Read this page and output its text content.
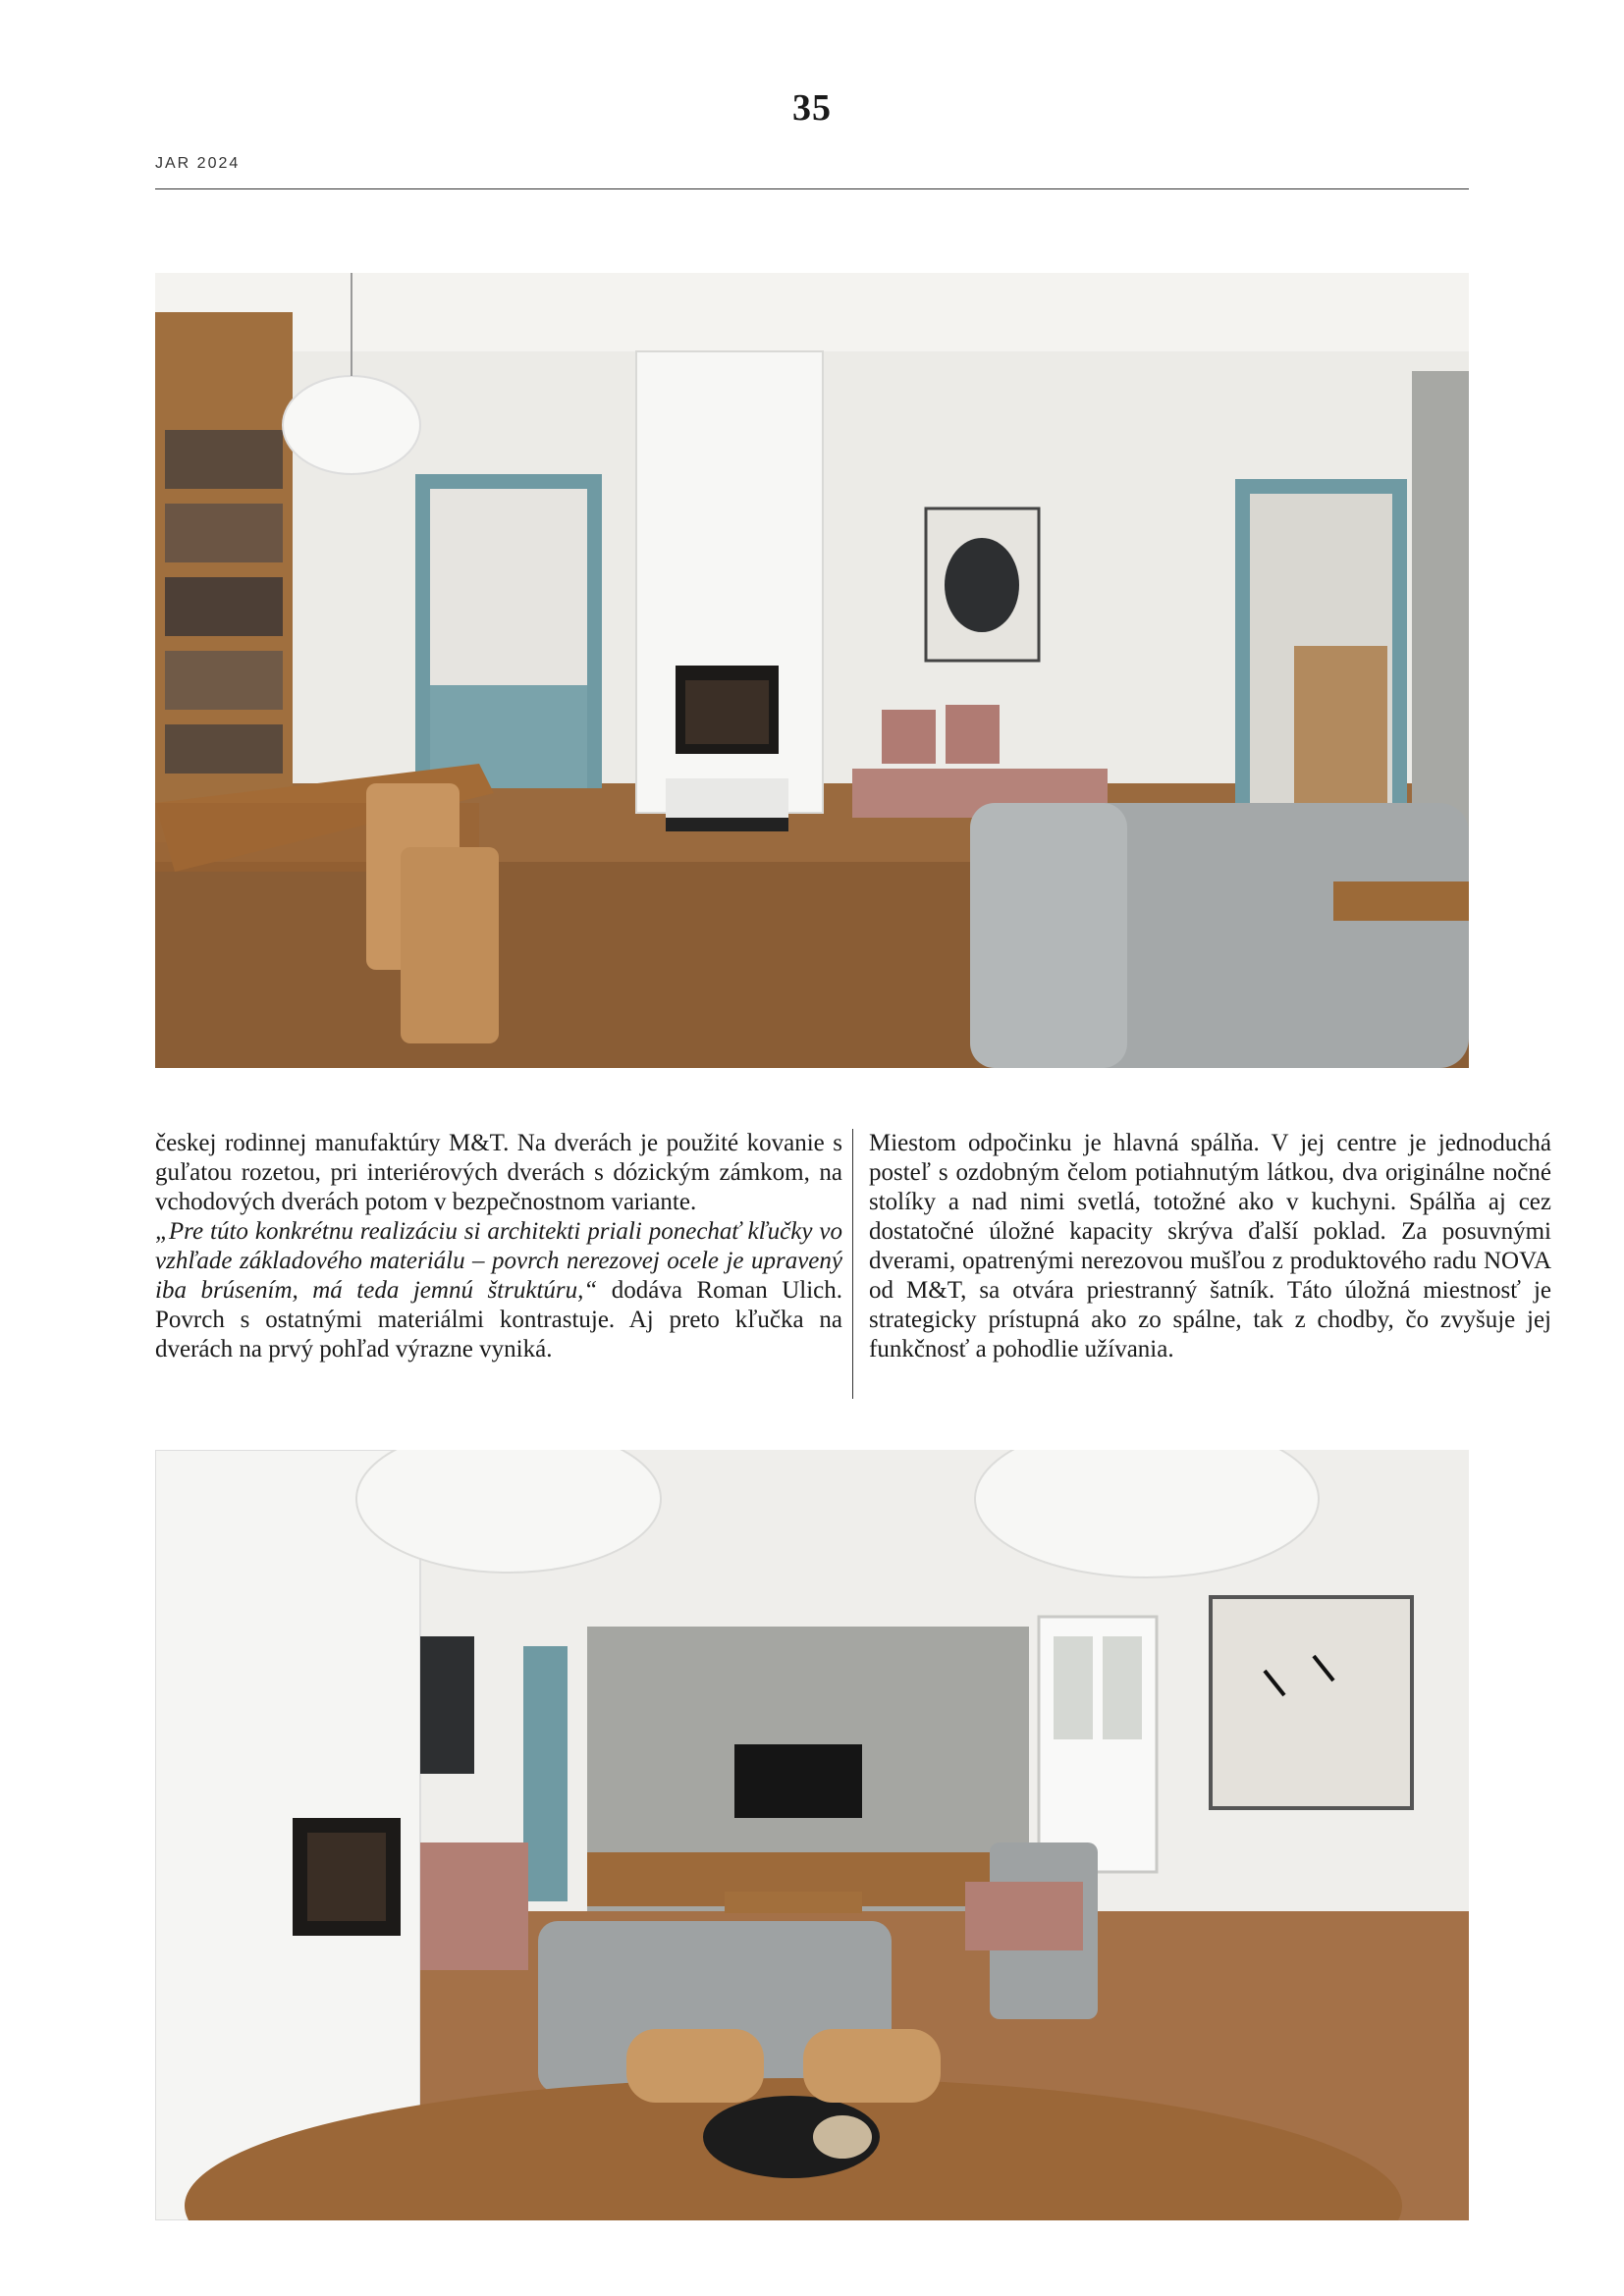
35
JAR 2024

českej rodinnej manufaktúry M&T. Na dverách je použité kovanie s guľatou rozetou, pri interiérových dverách s dózickým zámkom, na vchodových dverách potom v bezpečnostnom variante.

„Pre túto konkrétnu realizáciu si architekti priali ponechať kľučky vo vzhľade základového materiálu – povrch nerezovej ocele je upravený iba brúsením, má teda jemnú štruktúru,“ dodáva Roman Ulich. Povrch s ostatnými materiálmi kontrastuje. Aj preto kľučka na dverách na prvý pohľad výrazne vyniká.

Miestom odpočinku je hlavná spálňa. V jej centre je jednoduchá posteľ s ozdobným čelom potiahnutým látkou, dva originálne nočné stolíky a nad nimi svetlá, totožné ako v kuchyni. Spálňa aj cez dostatočné úložné kapacity skrýva ďalší poklad. Za posuvnými dverami, opatrenými nerezovou mušľou z produktového radu NOVA od M&T, sa otvára priestranný šatník. Táto úložná miestnosť je strategicky prístupná ako zo spálne, tak z chodby, čo zvyšuje jej funkčnosť a pohodlie užívania.
